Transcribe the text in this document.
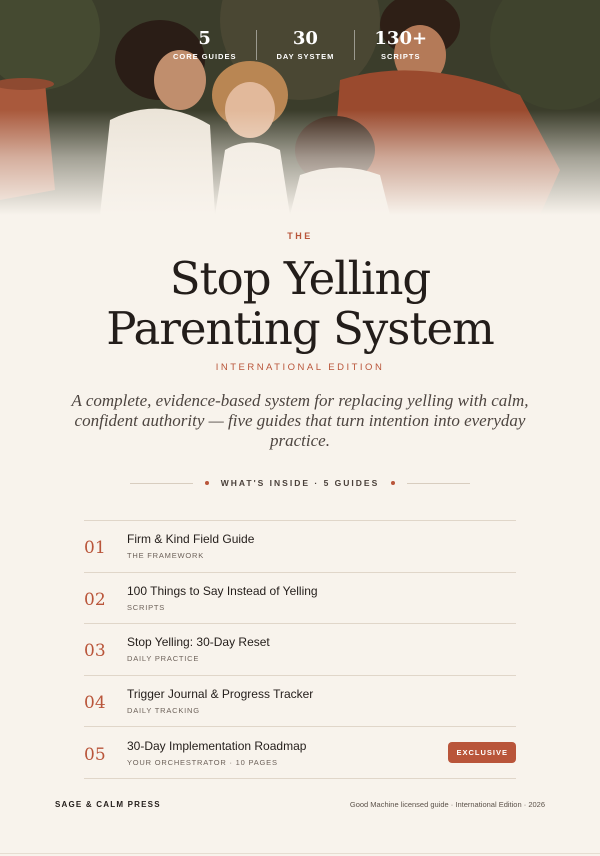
5
CORE GUIDES
30
DAY SYSTEM
130+
SCRIPTS
THE
Stop Yelling
Parenting System
INTERNATIONAL EDITION
A complete, evidence-based system for replacing yelling with calm, confident authority — five guides that turn intention into everyday practice.
WHAT'S INSIDE · 5 GUIDES
01	Firm & Kind Field Guide
THE FRAMEWORK
02	100 Things to Say Instead of Yelling
SCRIPTS
03	Stop Yelling: 30-Day Reset
DAILY PRACTICE
04	Trigger Journal & Progress Tracker
DAILY TRACKING
05	30-Day Implementation Roadmap
YOUR ORCHESTRATOR · 10 PAGES
EXCLUSIVE
SAGE & CALM PRESS	Good Machine licensed guide · International Edition · 2026
